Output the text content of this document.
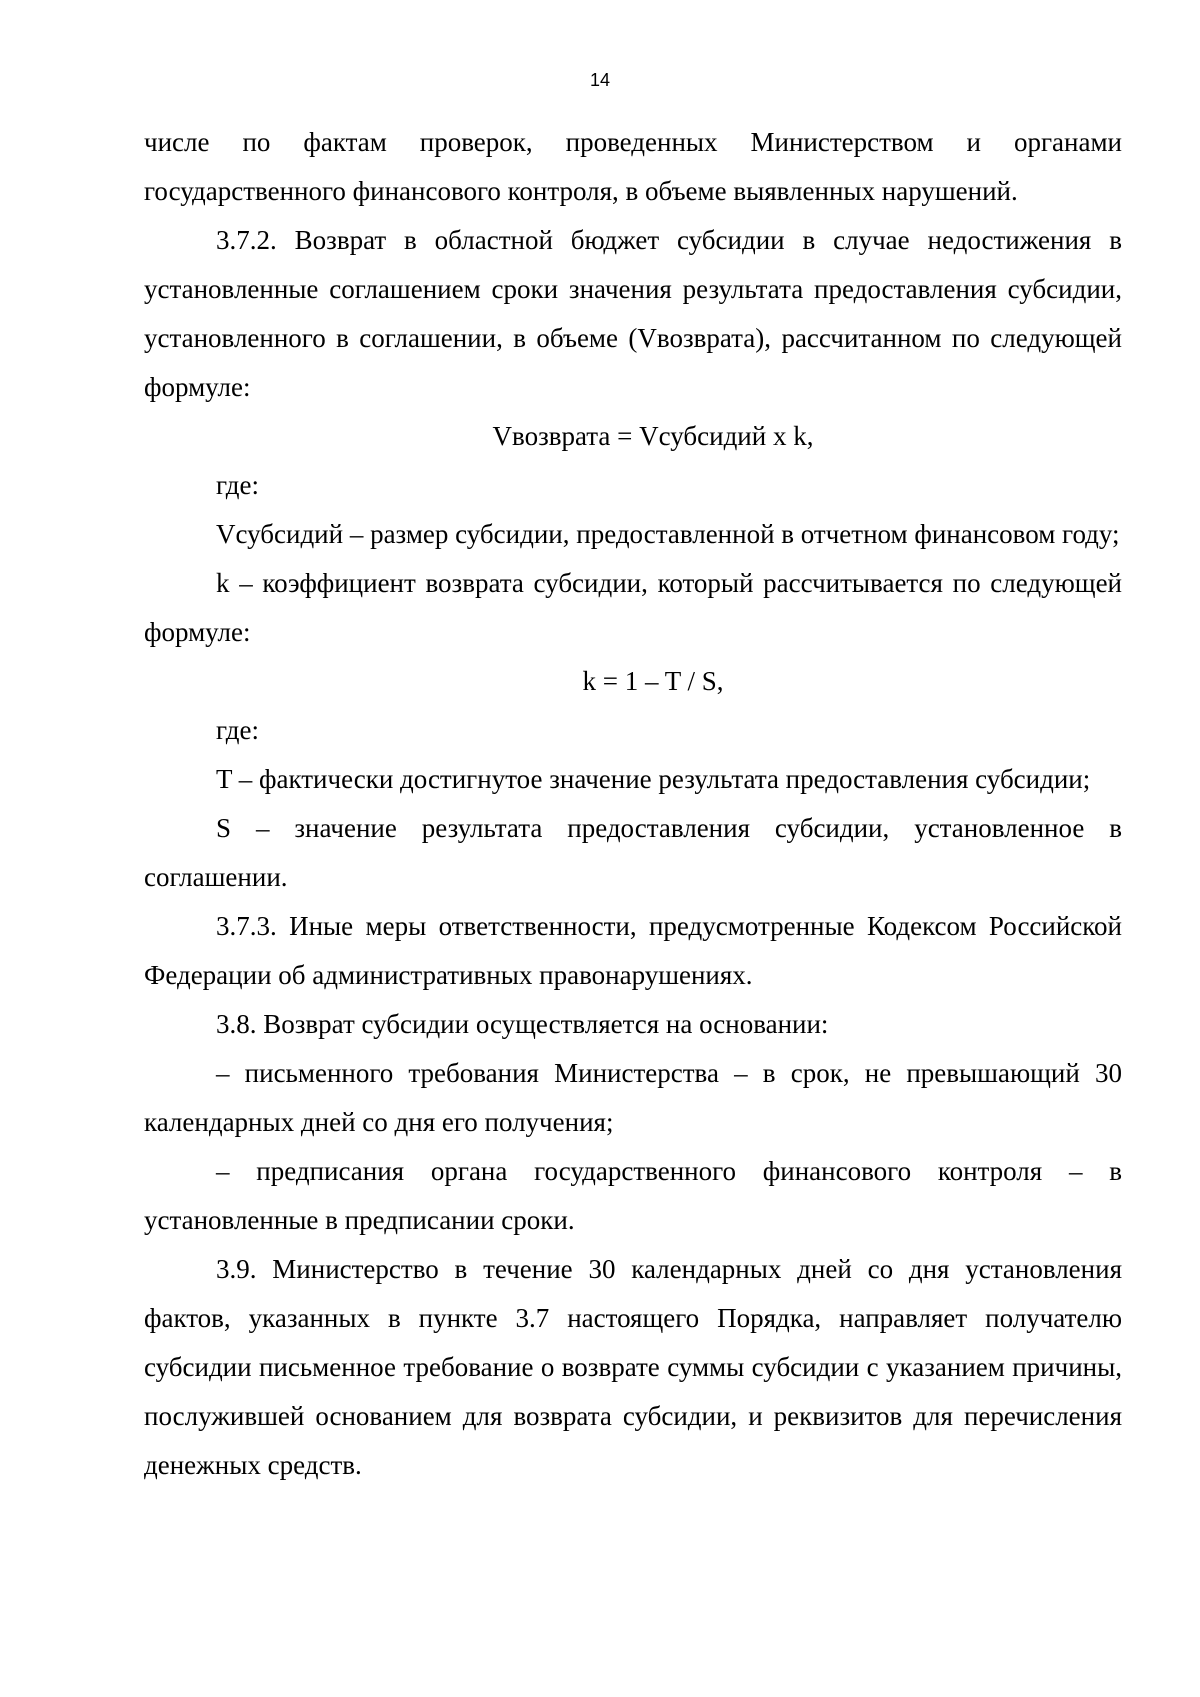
14

числе по фактам проверок, проведенных Министерством и органами государственного финансового контроля, в объеме выявленных нарушений.

3.7.2. Возврат в областной бюджет субсидии в случае недостижения в установленные соглашением сроки значения результата предоставления субсидии, установленного в соглашении, в объеме (Vвозврата), рассчитанном по следующей формуле:

Vвозврата = Vсубсидий x k,

где:

Vсубсидий – размер субсидии, предоставленной в отчетном финансовом году;

k – коэффициент возврата субсидии, который рассчитывается по следующей формуле:

k = 1 – T / S,

где:

T – фактически достигнутое значение результата предоставления субсидии;

S – значение результата предоставления субсидии, установленное в соглашении.

3.7.3. Иные меры ответственности, предусмотренные Кодексом Российской Федерации об административных правонарушениях.

3.8. Возврат субсидии осуществляется на основании:

– письменного требования Министерства – в срок, не превышающий 30 календарных дней со дня его получения;

– предписания органа государственного финансового контроля – в установленные в предписании сроки.

3.9. Министерство в течение 30 календарных дней со дня установления фактов, указанных в пункте 3.7 настоящего Порядка, направляет получателю субсидии письменное требование о возврате суммы субсидии с указанием причины, послужившей основанием для возврата субсидии, и реквизитов для перечисления денежных средств.
